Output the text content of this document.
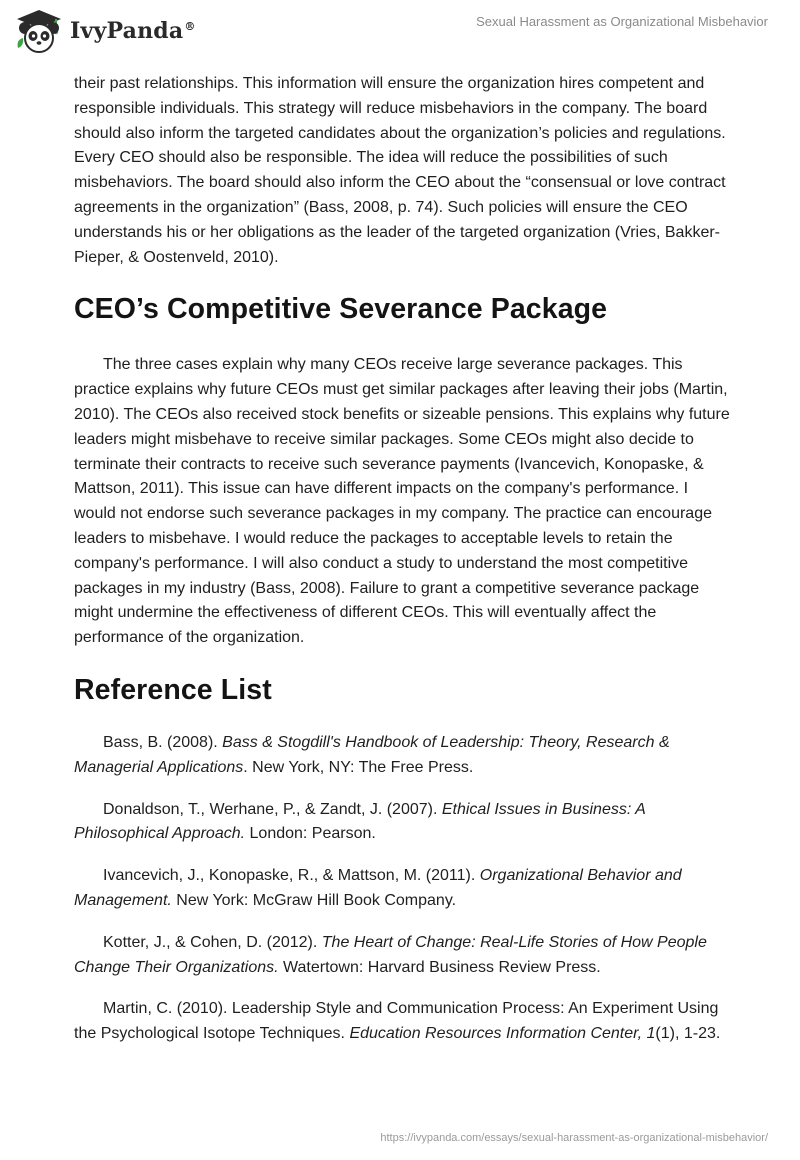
IvyPanda®	Sexual Harassment as Organizational Misbehavior

their past relationships. This information will ensure the organization hires competent and responsible individuals. This strategy will reduce misbehaviors in the company. The board should also inform the targeted candidates about the organization’s policies and regulations. Every CEO should also be responsible. The idea will reduce the possibilities of such misbehaviors. The board should also inform the CEO about the “consensual or love contract agreements in the organization” (Bass, 2008, p. 74). Such policies will ensure the CEO understands his or her obligations as the leader of the targeted organization (Vries, Bakker-Pieper, & Oostenveld, 2010).

CEO’s Competitive Severance Package

The three cases explain why many CEOs receive large severance packages. This practice explains why future CEOs must get similar packages after leaving their jobs (Martin, 2010). The CEOs also received stock benefits or sizeable pensions. This explains why future leaders might misbehave to receive similar packages. Some CEOs might also decide to terminate their contracts to receive such severance payments (Ivancevich, Konopaske, & Mattson, 2011). This issue can have different impacts on the company's performance. I would not endorse such severance packages in my company. The practice can encourage leaders to misbehave. I would reduce the packages to acceptable levels to retain the company's performance. I will also conduct a study to understand the most competitive packages in my industry (Bass, 2008). Failure to grant a competitive severance package might undermine the effectiveness of different CEOs. This will eventually affect the performance of the organization.

Reference List

Bass, B. (2008). Bass & Stogdill's Handbook of Leadership: Theory, Research & Managerial Applications. New York, NY: The Free Press.

Donaldson, T., Werhane, P., & Zandt, J. (2007). Ethical Issues in Business: A Philosophical Approach. London: Pearson.

Ivancevich, J., Konopaske, R., & Mattson, M. (2011). Organizational Behavior and Management. New York: McGraw Hill Book Company.

Kotter, J., & Cohen, D. (2012). The Heart of Change: Real-Life Stories of How People Change Their Organizations. Watertown: Harvard Business Review Press.

Martin, C. (2010). Leadership Style and Communication Process: An Experiment Using the Psychological Isotope Techniques. Education Resources Information Center, 1(1), 1-23.

https://ivypanda.com/essays/sexual-harassment-as-organizational-misbehavior/
